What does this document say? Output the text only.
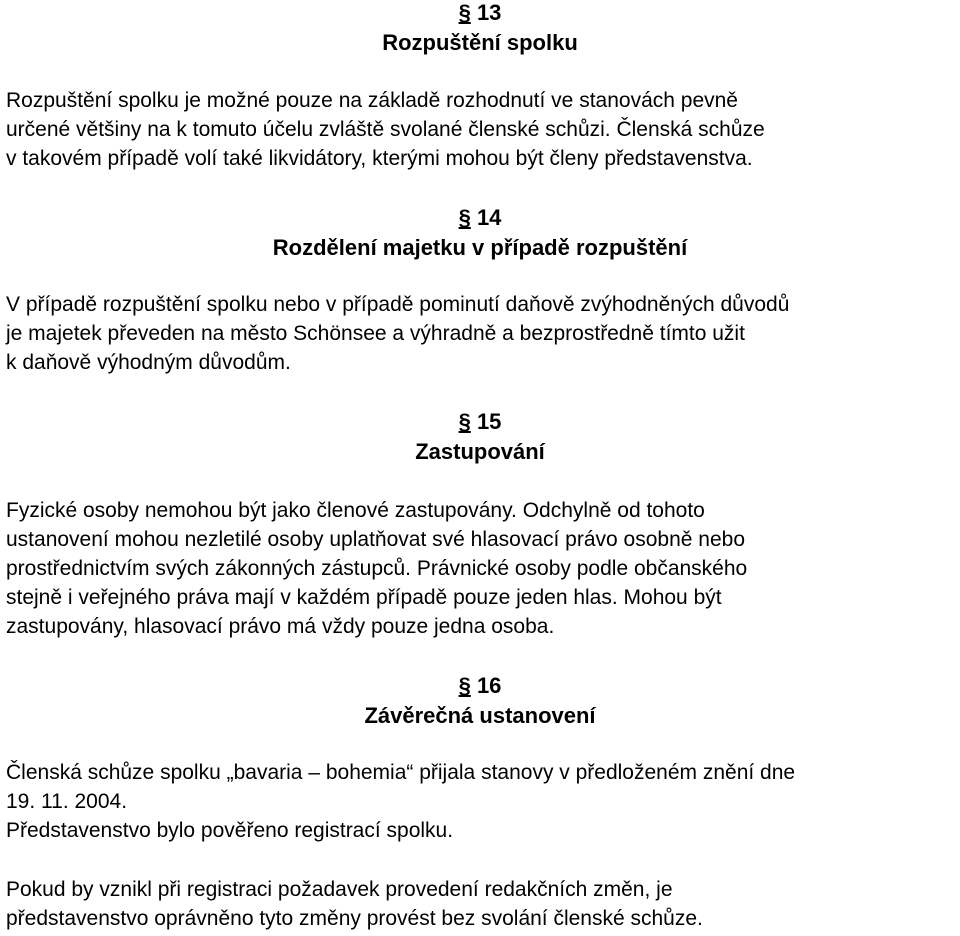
§ 13
Rozpuštění spolku

Rozpuštění spolku je možné pouze na základě rozhodnutí ve stanovách pevně
určené většiny na k tomuto účelu zvláště svolané členské schůzi. Členská schůze
v takovém případě volí také likvidátory, kterými mohou být členy představenstva.

§ 14
Rozdělení majetku v případě rozpuštění

V případě rozpuštění spolku nebo v případě pominutí daňově zvýhodněných důvodů
je majetek převeden na město Schönsee a výhradně a bezprostředně tímto užit
k daňově výhodným důvodům.

§ 15
Zastupování

Fyzické osoby nemohou být jako členové zastupovány. Odchylně od tohoto
ustanovení mohou nezletilé osoby uplatňovat své hlasovací právo osobně nebo
prostřednictvím svých zákonných zástupců. Právnické osoby podle občanského
stejně i veřejného práva mají v každém případě pouze jeden hlas. Mohou být
zastupovány, hlasovací právo má vždy pouze jedna osoba.

§ 16
Závěrečná ustanovení

Členská schůze spolku „bavaria – bohemia“ přijala stanovy v předloženém znění dne
19. 11. 2004.
Představenstvo bylo pověřeno registrací spolku.

Pokud by vznikl při registraci požadavek provedení redakčních změn, je
představenstvo oprávněno tyto změny provést bez svolání členské schůze.
